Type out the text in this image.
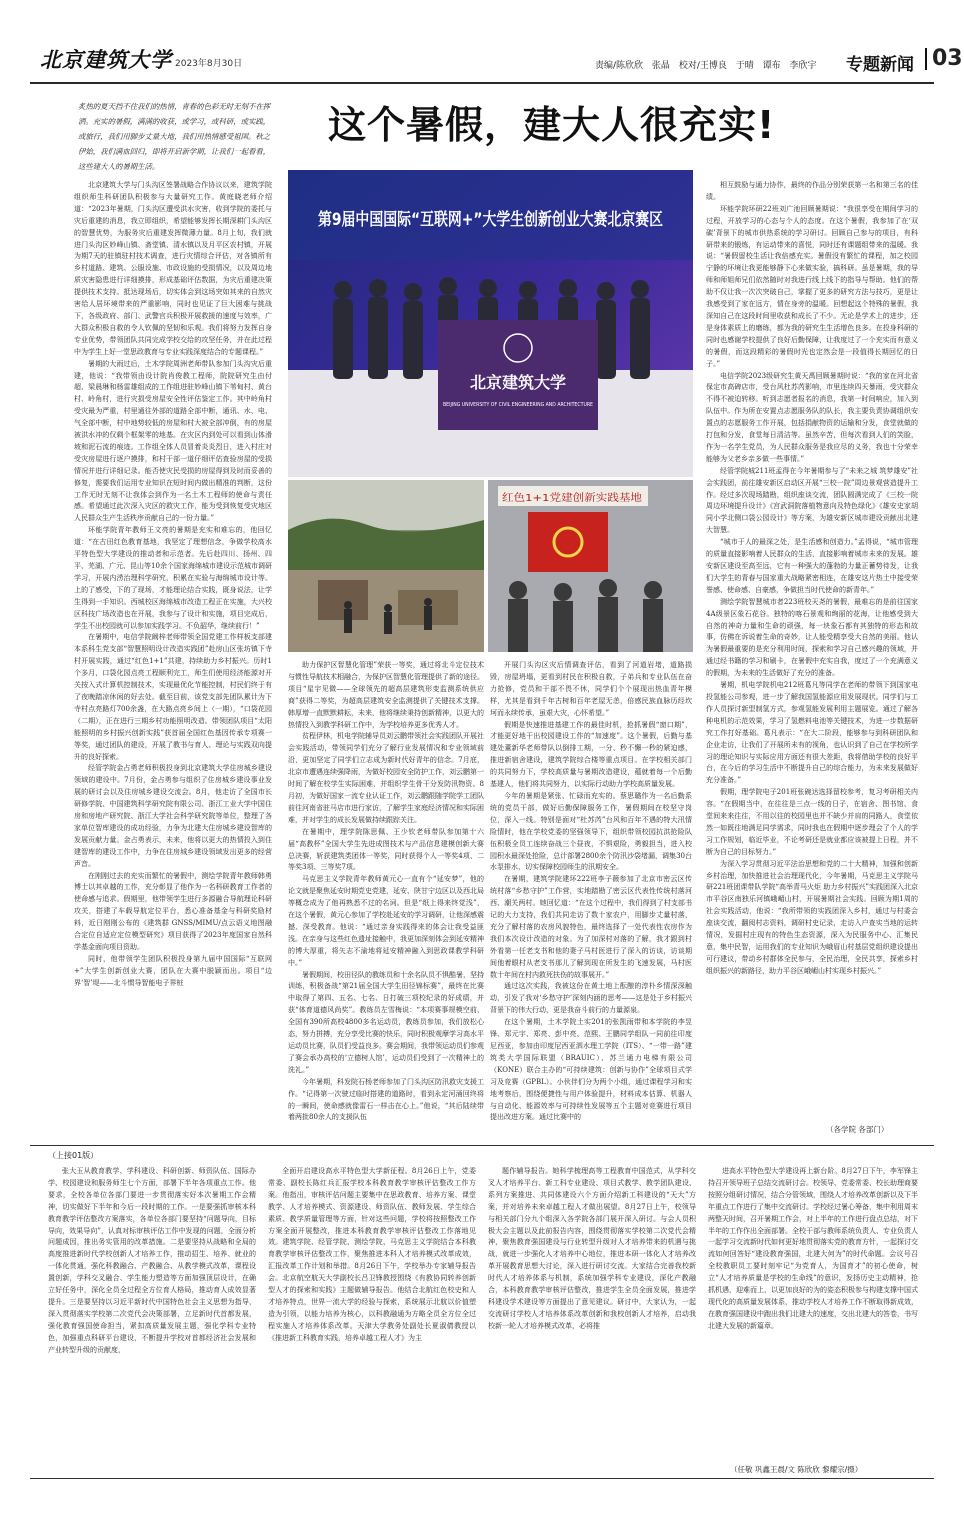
北京建筑大学 2023年8月30日	责编/陈欣欣 张晶 校对/王博良 于晴 谭布 李欣宇	专题新闻 03
炙热的夏天挡不住我们的热情，青春的色彩无时无刻不在挥洒。充实的暑假，满满的收获，或学习，或科研，或实践，或旅行，我们用脚步丈量大地，我们用热情感受祖国。秋之伊始，我们满血回归，即将开启新学期，让我们一起看看，这些建大人的暑期生活。
这个暑假，建大人很充实!

北京建筑大学与门头沟区签署战略合作协议以来，建筑学院组织师生科研团队积极参与大量研究工作。黄庭晓老师介绍道：“2023年暑期，门头沟区遭受洪水灾害，收到学院的委托与灾后重建的消息，我立即组织，希望能够发挥长期深耕门头沟区的智慧优势，为服务灾后重建发挥微薄力量。8月上旬，我们就进门头沟区妙峰山镇、斋堂镇、清水镇以及月平区农村镇，开展为期7天的驻镇驻村技术调查，进行灾情综合评估，对各镇所有乡村道路、建筑、公服设施、市政设施的受损情况，以及周边地质灾害隐患进行详细摸排，形成基础评估数据，为灾后重建决策提供技术支持。抵达现场后，切实体会到这场突如其来的自然灾害给人居环境带来的严重影响，同时也见证了巨大困难与挑战下，各级政府、部门、武警官兵积极开展救援的速度与效率，广大群众积极自救的令人钦佩的坚韧和乐观。我们将努力发挥自身专业优势，带领团队共同完成学校交给的攻坚任务，并在此过程中为学生上好一堂思政教育与专业实践深度结合的专题课程。”

暑期的大雨过后，土木学院周洲老师带队参加门头沟灾后重建，他说：“我带领由设计院肖俊教工程师，院院研究生由付超、梁晨琳和杨雷雄组成的工作组进驻妙峰山镇下苇甸村、黄台村、岭角村，进行灾损受房屋安全性评估鉴定工作。其中岭角村受灾最为严重，村里通往外部的道路全部中断，通讯、水、电、气全部中断，村中地势较低的房屋和村大被全部冲倒，有的房屋被洪水冲的仅剩个框架零的地基。在灾区内到处可以看到山体滑坡和泥石流的痕迹。工作组全体人员冒着炎炎烈日，进入村庄对受灾房屋进行逐户摸排，和村干部一道仔细评估查验房屋的受损情况并进行详细记录。能否使灾民受损的房屋得到及时而妥善的修复，需要我们运用专业知识在短时间内做出精准的判断，这份工作无时无刻不让我体会到作为一名土木工程师的使命与责任感。希望通过此次深入灾区的救灾工作，能为受到恢复受灾地区人民群众生产生活秩序贡献自己的一份力量。”

环能学院青年教师王文亮的暑期是充实和难忘的，他回忆道：“在古田红色教育基地，我坚定了理想信念，争做学校高水平特色型大学建设的推动者和示范者。先后赴四川、扬州、四平、芜湖、广元、昆山等10余个国家海绵城市建设示范城市调研学习，开展内涝治理科学研究，积累在实验与海绵城市设计等。上的了感受，下的了现场，才能理论结合实践，既身说法，让学生得到一手知识。西城校区海绵城市改造工程正在实施，大兴校区科技广场改造也在开展，我参与了设计和实施，项目完成后，学生不出校园就可以参加实践学习。不负韶华，继续前行！”

在暑期中，电信学院阚梓老师带领全国党建工作样板支部建本系科生党支部“智慧照明设计改造实践团”赴房山区张坊镇下寺村开展实践，通过“红色1+1”共建，持续助力乡村振兴。历时1个多月，口袋化园点亮工程顺利完工，师生们使用经济能源对开关按入式计算机控制技术，实现最优化节能控制，村民们终于有了夜晚踏凉休闲的好去处。截至目前，该党支部先团队累计为下寺村点亮路灯700余盏，在大路点亮乡间上（一期），“口袋花园（二期），正在进行三期乡村功能照明改造。带领团队项目“太阳能照明的乡村振兴创新实践”获首届全国红色基因传承专项赛一等奖，通过团队的建设，开展了教书与育人、理论与实践双向提升的良好探索。

经管学院金占勇老师积极投身到北京建筑大学住房城乡建设领域的建设中。7月份，金占勇参与组织了住房城乡建设事业发展的研讨会以及住房城乡建设交流会。8月，他走访了全国市长研修学院、中国建筑科学研究院有限公司、浙江工业大学中国住房和房地产研究院、浙江大学社会科学研究院等单位，整理了各家单位智库建设的成功经验，力争为北建大住房城乡建设智库的发展贡献力量。金占勇表示，未来，他将以更大的热情投入到住建智库的建设工作中，力争在住房城乡建设领域发出更多的经营声音。

在刚刚过去的充实而繁忙的暑假中，测绘学院青年教师韩勇博士以其卓越的工作，充分彰显了他作为一名科研教育工作者的使命感与追求。假期里，他带领学生进行多源融合导航理论科研攻关，搭建了车载导航定位平台，悉心准备基金与科研奖励材料，近日刚刚公布的《建筑群 GNSS/MIMU/点云语义地图融合定位自适应定位模型研究》项目获得了2023年度国家自然科学基金面向项目资助。

同时，他带领学生团队积极投身第九届中国国际“互联网+”大学生创新创业大赛，团队在大赛中脱颖而出。项目“边界‘智’堤——北斗惯导智能电子界桩

第9届中国国际“互联网+”大学生创新创业大赛北京赛区
北京建筑大学
BEIJING UNIVERSITY OF CIVIL ENGINEERING AND ARCHITECTURE
红色1+1党建创新实践基地

助力保护区智慧化管理”荣获一等奖，通过将北斗定位技术与惯性导航技术相融合，为保护区智慧化管理提供了新的途径。项目“星宇见微——全球领先的超高层建筑形变监测系统供应商”获得二等奖，为超高层建筑安全监测提供了关键技术支撑。韩厚增一直默默耕耘，未来，他将继续秉持创新精神，以更大的热情投入到教学科研工作中，为学校培养更多优秀人才。

贫程伊林，机电学院辅导员刘云鹏带领社会实践团队开展社会实践活动，带领同学们充分了解行业发展情况和专业领域前沿，更加坚定了同学们立志成为新时代好青年的信念。7月底，北京市遭遇连续强降雨，为做好校园安全防护工作，刘云鹏第一时间了解在校学生实际困难，并组织学生骨干分发防汛物资。8月初，为做好国家一流专业认证工作，刘云鹏跟随学院学工团队前往河南省驻马店市进行家访，了解学生家庭经济情况和实际困难，并对学生的成长发展做持续跟踪关注。

在暑期中，理学院陈思佩、王少钦老师带队参加第十六届“高教杯”全国大学生先进成图技术与产品信息建模创新大赛总决赛，斩获建筑类团体一等奖，同时获得个人一等奖4项、二等奖3项、三等奖7项。

马克思主义学院青年教师黄元心一直有个“延安梦”，他的论文就是聚焦延安时期党史党建，延安、陕甘宁边区以及西北局等概念成为了他再熟悉不过的名词。但是“纸上得来终觉浅”，在这个暑假，黄元心参加了学校赴延安的学习调研，让他深感震撼、深受教育。他说：“通过亲身实践得来的体会让我受益匪浅。在亲身与这些红色遗址接触中，我更加深刻体会到延安精神的博大厚重，将矢志不渝地将延安精神融入到思政课教学科研中。”

暑假期间，校田径队的教练员和十余名队员不惧酷暑，坚持训练，积极备战“第21届全国大学生田径锦标赛”，最终在比赛中取得了第四、五名、七名、日打破三项校纪录的好成绩，并获“体育道德风尚奖”。教练员左雪梅说：“本项赛事规模空前，全国有390所高校4800多名运动员，教练员参加，我们放松心态，努力拼搏，充分享受比赛的快乐，同时积极观摩学习高水平运动员比赛，队员们受益良多。赛会期间，我带领运动员们参观了赛会承办高校的‘立德树人馆’，运动员们受到了一次精神上的洗礼。”

今年暑期，科发院石杨老师参加了门头沟区防汛救灾支援工作。“记得第一次驶过临时搭建的道路时，看到永定河涌回终将的一瞬间，使命感就像雷石一样击在心上。”他说，“其后陆续带着两批80余人的支援队伍

开展门头沟区灾后情调查评估，看到了河道岩堵，道路损毁，房屋坍塌，更看到村民在积极自救，子弟兵和专业队伍在奋力抢修，党员和干部不畏不休，同学们个个展现出热血青年模样，尤其是看到千年古树和百年老屋无恙，倍感民族血脉历经坎坷而永续传承，虽艰大灾，心怀希望。”

假期是快速推进基建工作的最佳时机，抢抓暑假“窗口期”，才能更好地干出校园建设工作的“加速度”。这个暑假，后勤与基建处董新华老师带队以倒排工期，一分、秒不懈一秒的紧迫感，推进新宿舍建设，建筑学院综合楼等重点项目。在学校相关部门的共同努力下，学校高质量与暑期改造建设，蕴就着每一个后勤基建人，他们将共同努力，以实际行动助力学校高质量发展。

今年的暑期是紧张、忙碌而充实的。蔡思璐作为一名后勤系统的党员干部，做好后勤保障服务工作，暑假期间在校坚守岗位，深入一线。特别是面对“杜苏芮”台风和百年不遇的特大汛情险情时，他在学校党委的坚强领导下，组织带领校园抗洪抢险队伍积极全员工连续奋战三个昼夜，不惧艰险，勇毅担当，进入校园积水最深处抢险，总计部署2800余个防汛沙袋堵漏，调集30台水泵排水，切实保障校园师生的汛期安全。

在暑期，建筑学院建环222班李子薇参加了北京市密云区传统村落“乡愁守护”工作营，实地踏勘了密云区代表性传统村落河西、潮关两村。她回忆道：“在这个过程中，我们得到了村支部书记的大力支持，我们共同走访了数十家农户，用脚步丈量村落，充分了解村落的农房风貌特色，最终选择了一处代表性农房作为我们本次设计改造的对象。为了加深村对落的了解，我才跟到村外看第一任老支书和他的妻子马村医进行了深入的访谈，访谈期间他着眼村从老支书那儿了解到现在所发生的飞速发展，马村医数十年间在村内救死扶伤的故事展开。”

通过这次实践，我被这份在黄土地上酝酿的淳朴乡情深深触动，引发了我对‘乡愁守护’深刻内涵的思考——这是处于乡村振兴背景下的伟大行动，更是我奋斗前行的力量源泉。

在这个暑期，土木学院土实201的张凯雨带和本学院的李昱锋、郑元宇、郑亮、彭中亮、范熙、王鹏同学组队一同前往印度尼西亚，参加由印度尼西亚泗水理工学院（ITS）、“一带一路”建筑类大学国际联盟（BRAUIC）、苏兰通力电梯有限公司（KONE）联合主办的“可持续建筑：创新与协作”全球项目式学习及竞赛（GPBL）。小伙伴们分为两个小组，通过课程学习和实地考察后，围绕便捷性与用户体验提升，材料成本估算、机器人与自动化、能源效率与可持续性发展等五个主题对竞赛进行项目提出改进方案。通过比赛中的

相互鼓励与通力协作，最终的作品分别荣获第一名和第三名的佳绩。

环能学院环研22班刘广池回顾暑期说：“我很享受在期间学习的过程，开放学习的心态与个人的态度。在这个暑假，我参加了在‘双碳’背景下的城市供热系统的学习研讨。回顾自己参与的项目，有科研带来的锻炼，有运动带来的喜悦，同时还有课题组带来的温暖。我说：“暑假留校生活让我倍感充实。暑假没有繁忙的课程，加之校园宁静的环境让我更能够静下心来做实验，搞科研。虽是暑期，我的导师和师姐师兄们依然随时对我进行线上线下的指导与帮助。他们的帮助不仅让我一次次突破自己，掌握了更多的研究方法与技巧，更是让我感受到了家在远方，情在身旁的温暖。回想起这个特殊的暑假，我深知自己在这段时间里收获和成长了不少。无论是学术上的进步，还是身体素质上的磨练，都为我的研究生生活增色良多。在投身科研的同时也感谢学校提供了良好后勤保障，让我度过了一个充实而有意义的暑假，而这段精彩的暑假时光也定然会是一段值得长期回忆的日子。”

电信学院2023级研究生黄天禹回顾暑期时说：“我的家在河北省保定市高碑店市，受台风杜苏芮影响，市里连续四天暴雨，受灾群众不得不被迫转移。听到志愿者报名的消息，我第一时间响应，加入到队伍中。作为所在安置点志愿服务队的队长，我主要负责协调组织安置点的志愿服务工作开展，包括捐献物资的运输和分发，食堂就做的打包和分发，食堂每日清洁等。虽然辛苦，但每次看到人们的笑脸，作为一名学生党员，为人民群众服务是我应尽的义务，我也十分荣幸能够为父老乡亲多做一些事情。”

经管学院城211班孟得在今年暑期参与了“未来之城 筑梦雄安”社会实践团，前往雄安新区启动区开展“三校一院”周边景观营造提升工作。经过多次现场踏勘，组织座谈交流，团队圆满完成了《三校一院周边环境提升设计》《宫武洞院落植物意向及特色绿化》《雄安史家胡同小学北侧口袋公园设计》等方案，为雄安新区城市建设贡献出北建大智慧。

“城市于人的最深之处，是生活感和创造力。”孟得说，“城市管理的质量直接影响着人民群众的生活，直接影响着城市未来的发展。雄安新区建设至高至远，它有一种强大的蓬勃的力量正蓄势待发，让我们大学生的青春与国家重大战略紧密相连，在雄安这片热土中接受荣誉感、使命感、自豪感，争做担当时代使命的新青年。”

测绘学院智慧城市者223班校天尧的暑假，最难忘的是前往国家4A级景区象石花谷。独特的喀石景观和绚丽的花海，让他感受到大自然的神奇力量和生命的顽强，每一块象石都有其独特的形态和故事，仿佛在诉说着生命的奇妙，让人能受精享受大自然的美丽。他认为暑假最重要的是充分利用时间，探索和学习自己感兴趣的领域，并通过经书籍的学习和刷卡，在暑假中充实自我，度过了一个充满意义的假期，为未来的生活做好了充分的准备。

暑期，机电学院机电212班葛凡等同学在老师的带领下到国家电投氢能公司参观，进一步了解我国氢能源应用发展现状。同学们与工作人员探讨新型制氢方式，参观氢能发展利用主题展览。通过了解各种电机的示范效果，学习了氢燃料电池等关键技术，为进一步数据研究工作打好基础。葛凡表示：“在大二阶段，能够参与到科研团队和企业走访，让我们了开展所未有的视角，也认识到了自己在学校所学习的理论知识与实际应用方面还有很大差距，我将借助学校的良好平台，在今后的学习生活中不断提升自己的综合能力，为未来发展做好充分准备。”

假期，理学院电子201班张碗达选择留校参考，复习考研相关内容。“在假期当中，在往往是三点一线的日子，在宿舍、图书馆、食堂间来来往往，不用以往的校园里也并不缺少并肩的同路人，食堂依然一如既往地满足同学需求，同时我也在假期中逐步理会了个人的学习工作规划，临近毕业，不论考研还是就业都应该被提上日程，并不断为自己的目标努力。”

为深入学习贯彻习近平法治思想和党的二十大精神，加强和创新乡村治理，加快推进社会治理现代化，今年暑期，马克思主义学院马研221班团课带队学院“高举青马火炬 助力乡村振兴”实践团深入北京市平谷区南独乐河镇峨嵋山村，开展暑期社会实践。回顾为期1周的社会实践活动，他说：“我所带领的实践团深入乡村，通过与村委会座谈交流，翻阅村志资料，调研村史记录，走访入户查实当地的运转情况，发掘村庄现有的特色生态资源，深入为民服务中心、汇集民意，集中民智，运用我们的专业知识为峨眉山村基层党组织建设提出可行建议，带动乡村群体全民参与，全民治理，全民共享，探索乡村组织振兴的新路径，助力平谷区峨嵋山村实现乡村振兴。”

（各学院 各部门）
（上接01版）

张大玉从教育教学、学科建设、科研创新、师资队伍、国际办学、校园建设和服务师生七个方面，部署下半年各项重点工作。他要求，全校各单位各部门要进一步贯彻落实好本次暑期工作会精神，切实做好下半年和今后一段时期的工作。一是要强抓审核本科教育教学评估整改方案落实，各单位各部门要坚持“问题导向，目标导向，效果导向”，认真对标审核评估工作中发现的问题，全面分析问题成因，推出务实管用的改革措施。二是要坚持从战略和全局的高度推进新时代学校创新人才培养工作，推动招生、培养、就业的一体化贯通，强化科教融合、产教融合、从教学模式改革，课程设置创新，学科交叉融合、学生能力塑造等方面加强顶层设计，在确立好任务中，深化全员全过程全方位育人格局，推动育人成效显著提升。三是要坚持以习近平新时代中国特色社会主义思想为指导，深入贯彻落实学校第二次党代会决策部署，立足新时代首都发展，强化教育强国使命担当，紧扣高质量发展主题，强化学科专业特色，加强重点科研平台建设，不断提升学校对首都经济社会发展和产业转型升级的贡献度，

全面开启建设高水平特色型大学新征程。8月26日上午，党委常委、副校长陈红兵汇报学校本科教育教学审核评估整改工作方案。他指出，审核评估问题主要集中在思政教育、培养方案、课堂教学、人才培养模式、资源建设、师资队伍、教师发展、学生综合素质、教学质量管理等方面，针对这些问题，学校将按照整改工作方案全面开展整改，推进本科教育教学审核评估整改工作落地见效。建筑学院、经管学院、测绘学院、马克思主义学院结合本科教育教学审核评估整改工作，聚焦推进本科人才培养模式改革成效，汇报改革工作计划和举措。8月26日下午，学校举办专家辅导报告会。北京航空航天大学副校长吕卫锋教授围绕《有教协同转养创新型人才的探索和实践》主题做辅导报告。他结合北航红色校史和人才培养特点，世界一流大学的经验与探索，系统展示北航以价值塑造为引领，以能力培养为核心，以科教融通为方略全员全方位全过程实施人才培养体系改革。天津大学教务处副处长夏淑倩教授以《推进新工科教育实践，培养卓越工程人才》为主

题作辅导报告。她科学梳理高等工程教育中国范式，从学科交叉人才培养平台、新工科专业建设、项目式教学、教学团队建设、系列方案推进、共同体建设六个方面介绍新工科建设的“天大”方案，并对培养未来卓越工程人才做出展望。8月27日上午，校领导与相关部门分九个组深入各学院各部门展开深入研讨。与会人员积极大会主题以及此前报告内容，围绕贯彻落实学校第二次党代会精神，聚焦教育强国建设与行业转型升级对人才培养带来的机遇与挑战，就进一步强化人才培养中心地位，推进本研一体化人才培养改革开展教育思想大讨论，深入进行研讨交流。大家结合完善我校新时代人才培养体系与机制，系统加强学科专业建设，深化产教融合，本科教育教学审核评估整改，推进学生全员全面发展，推进学科建设学术建设等方面提出了意见建议。研讨中，大家认为，一起交流研讨学校人才培养体系改革创新和我校创新人才培养，启动我校新一轮人才培养模式改革，必将推

进高水平特色型大学建设再上新台阶。8月27日下午，李军锋主持召开领导班子总结交流研讨会。校领导、党委常委、校长助理商要按照分组研讨情况，结合分管领域，围绕人才培养改革创新以及下半年重点工作进行了集中交流研讨。学校经过暑心筹备，集中利用周末两整天时间，召开暑期工作会，对上半年的工作进行盘点总结，对下半年的工作作出全面部署。全校干部与教师系统负责人、专业负责人一起学习交流新时代如何更好地贯彻落实党的教育方针，一起探讨交流如何回答好“建设教育强国，北建大何为”的时代命题。会议号召全校教职员工要时刻牢记“为党育人，为国育才”的初心使命，树立“人才培养质量是学校的生命线”的意识，发扬历史主动精神，抢抓机遇，迎难而上，以更加良好的为的姿态积极参与构建支撑中国式现代化的高质量发展体系，推动学校人才培养工作不断取得新成效，在教育强国建设中跑出我们北建大的速度，交出北建大的答卷，书写北建大发展的新篇章。

（任敬 巩鑫王晨/文 陈欣欣 黎耀宗/摄）
